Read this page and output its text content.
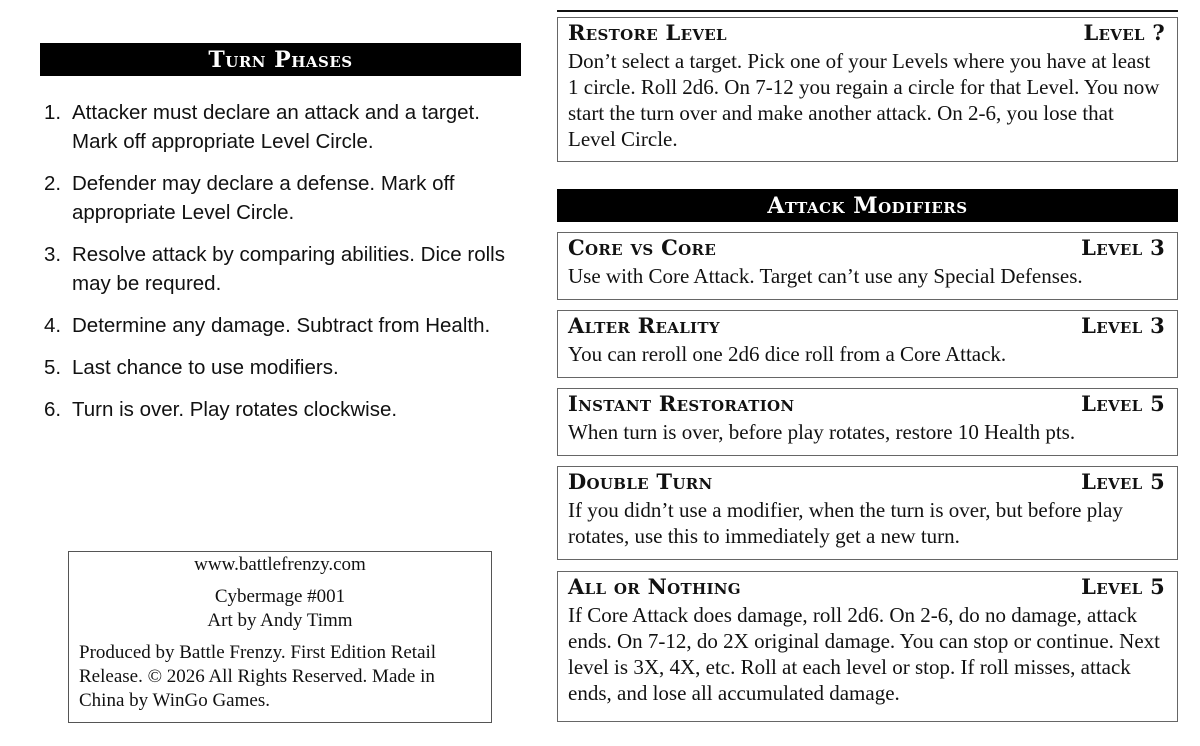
Turn Phases
1. Attacker must declare an attack and a target. Mark off appropriate Level Circle.
2. Defender may declare a defense. Mark off appropriate Level Circle.
3. Resolve attack by comparing abilities. Dice rolls may be requred.
4. Determine any damage. Subtract from Health.
5. Last chance to use modifiers.
6. Turn is over. Play rotates clockwise.

www.battlefrenzy.com

Cybermage #001

Art by Andy Timm

Produced by Battle Frenzy. First Edition Retail Release. © 2026 All Rights Reserved. Made in China by WinGo Games.

Restore Level	Level ?
Don’t select a target. Pick one of your Levels where you have at least 1 circle. Roll 2d6. On 7-12 you regain a circle for that Level. You now start the turn over and make another attack. On 2-6, you lose that Level Circle.
Attack Modifiers
Core vs Core	Level 3
Use with Core Attack. Target can’t use any Special Defenses.
Alter Reality	Level 3
You can reroll one 2d6 dice roll from a Core Attack.
Instant Restoration	Level 5
When turn is over, before play rotates, restore 10 Health pts.
Double Turn	Level 5
If you didn’t use a modifier, when the turn is over, but before play rotates, use this to immediately get a new turn.
All or Nothing	Level 5
If Core Attack does damage, roll 2d6. On 2-6, do no damage, attack ends. On 7-12, do 2X original damage. You can stop or continue. Next level is 3X, 4X, etc. Roll at each level or stop. If roll misses, attack ends, and lose all accumulated damage.
